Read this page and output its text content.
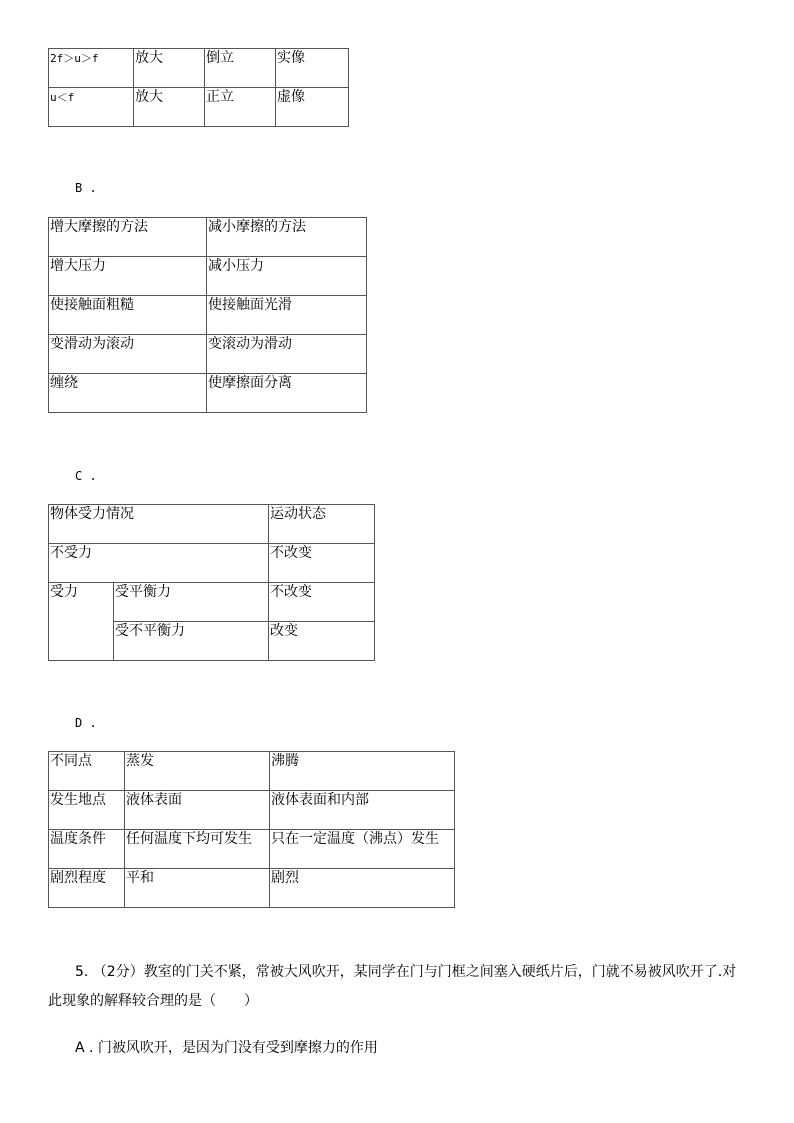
2f＞u＞f	放大	倒立	实像
u＜f	放大	正立	虚像
B .
增大摩擦的方法	减小摩擦的方法
增大压力	减小压力
使接触面粗糙	使接触面光滑
变滑动为滚动	变滚动为滑动
缠绕	使摩擦面分离
C .
物体受力情况		运动状态
不受力		不改变
受力	受平衡力	不改变
	受不平衡力	改变
D .
不同点	蒸发	沸腾
发生地点	液体表面	液体表面和内部
温度条件	任何温度下均可发生	只在一定温度（沸点）发生
剧烈程度	平和	剧烈
5. （2分）教室的门关不紧，常被大风吹开，某同学在门与门框之间塞入硬纸片后，门就不易被风吹开了.对
此现象的解释较合理的是（　　）
A . 门被风吹开，是因为门没有受到摩擦力的作用
